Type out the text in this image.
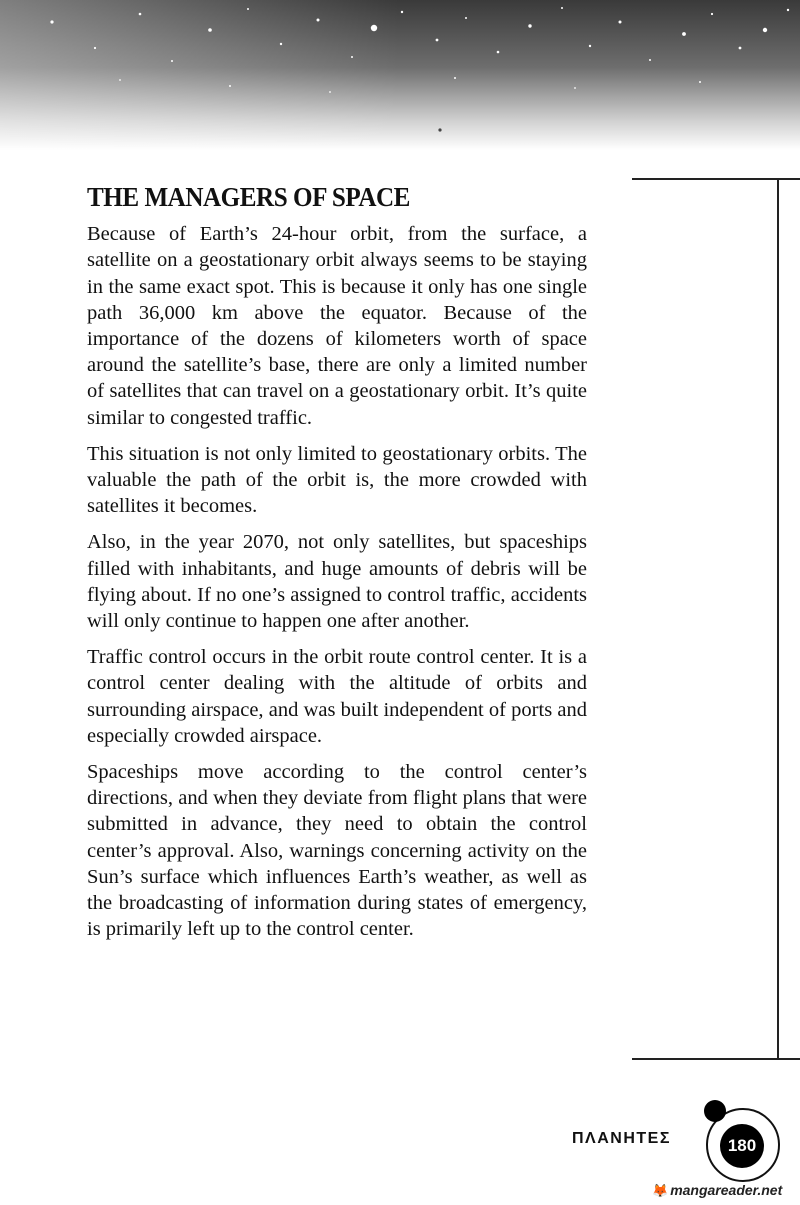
THE MANAGERS OF SPACE

Because of Earth’s 24-hour orbit, from the surface, a satellite on a geostationary orbit always seems to be staying in the same exact spot. This is because it only has one single path 36,000 km above the equator. Because of the importance of the dozens of kilometers worth of space around the satellite’s base, there are only a limited number of satellites that can travel on a geostationary orbit. It’s quite similar to congested traffic.

This situation is not only limited to geostationary orbits. The valuable the path of the orbit is, the more crowded with satellites it becomes.

Also, in the year 2070, not only satellites, but spaceships filled with inhabitants, and huge amounts of debris will be flying about. If no one’s assigned to control traffic, accidents will only continue to happen one after another.

Traffic control occurs in the orbit route control center. It is a control center dealing with the altitude of orbits and surrounding airspace, and was built independent of ports and especially crowded airspace.

Spaceships move according to the control center’s directions, and when they deviate from flight plans that were submitted in advance, they need to obtain the control center’s approval. Also, warnings concerning activity on the Sun’s surface which influences Earth’s weather, as well as the broadcasting of information during states of emergency, is primarily left up to the control center.

ΠΛΑΝΗΤΕΣ	180
🦊 mangareader.net
